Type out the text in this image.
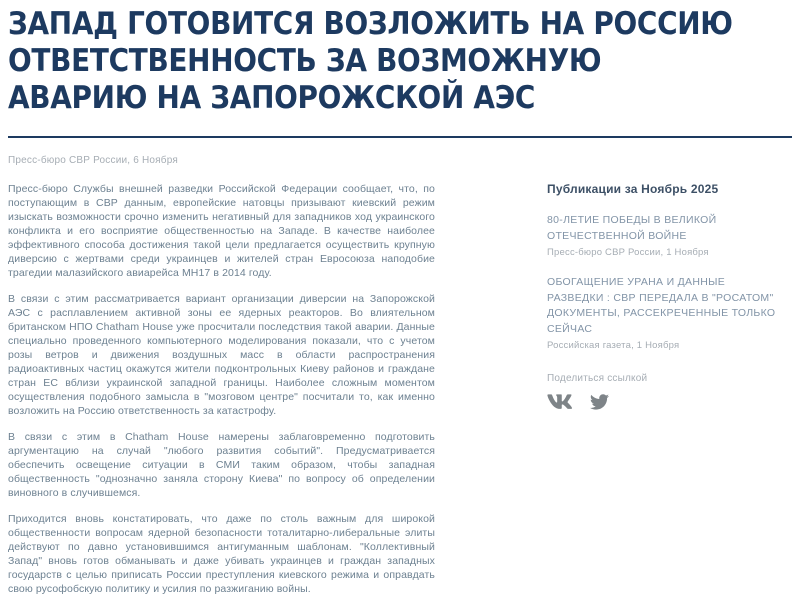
ЗАПАД ГОТОВИТСЯ ВОЗЛОЖИТЬ НА РОССИЮ ОТВЕТСТВЕННОСТЬ ЗА ВОЗМОЖНУЮ АВАРИЮ НА ЗАПОРОЖСКОЙ АЭС
Пресс-бюро СВР России, 6 Ноября

Пресс-бюро Службы внешней разведки Российской Федерации сообщает, что, по поступающим в СВР данным, европейские натовцы призывают киевский режим изыскать возможности срочно изменить негативный для западников ход украинского конфликта и его восприятие общественностью на Западе. В качестве наиболее эффективного способа достижения такой цели предлагается осуществить крупную диверсию с жертвами среди украинцев и жителей стран Евросоюза наподобие трагедии малазийского авиарейса MH17 в 2014 году.

В связи с этим рассматривается вариант организации диверсии на Запорожской АЭС с расплавлением активной зоны ее ядерных реакторов. Во влиятельном британском НПО Chatham House уже просчитали последствия такой аварии. Данные специально проведенного компьютерного моделирования показали, что с учетом розы ветров и движения воздушных масс в области распространения радиоактивных частиц окажутся жители подконтрольных Киеву районов и граждане стран ЕС вблизи украинской западной границы. Наиболее сложным моментом осуществления подобного замысла в "мозговом центре" посчитали то, как именно возложить на Россию ответственность за катастрофу.

В связи с этим в Chatham House намерены заблаговременно подготовить аргументацию на случай "любого развития событий". Предусматривается обеспечить освещение ситуации в СМИ таким образом, чтобы западная общественность "однозначно заняла сторону Киева" по вопросу об определении виновного в случившемся.

Приходится вновь констатировать, что даже по столь важным для широкой общественности вопросам ядерной безопасности тоталитарно-либеральные элиты действуют по давно установившимся антигуманным шаблонам. "Коллективный Запад" вновь готов обманывать и даже убивать украинцев и граждан западных государств с целью приписать России преступления киевского режима и оправдать свою русофобскую политику и усилия по разжиганию войны.

Публикации за Ноябрь 2025
80-ЛЕТИЕ ПОБЕДЫ В ВЕЛИКОЙ ОТЕЧЕСТВЕННОЙ ВОЙНЕ
Пресс-бюро СВР России, 1 Ноября
ОБОГАЩЕНИЕ УРАНА И ДАННЫЕ РАЗВЕДКИ : СВР ПЕРЕДАЛА В "РОСАТОМ" ДОКУМЕНТЫ, РАССЕКРЕЧЕННЫЕ ТОЛЬКО СЕЙЧАС
Российская газета, 1 Ноября
Поделиться ссылкой
